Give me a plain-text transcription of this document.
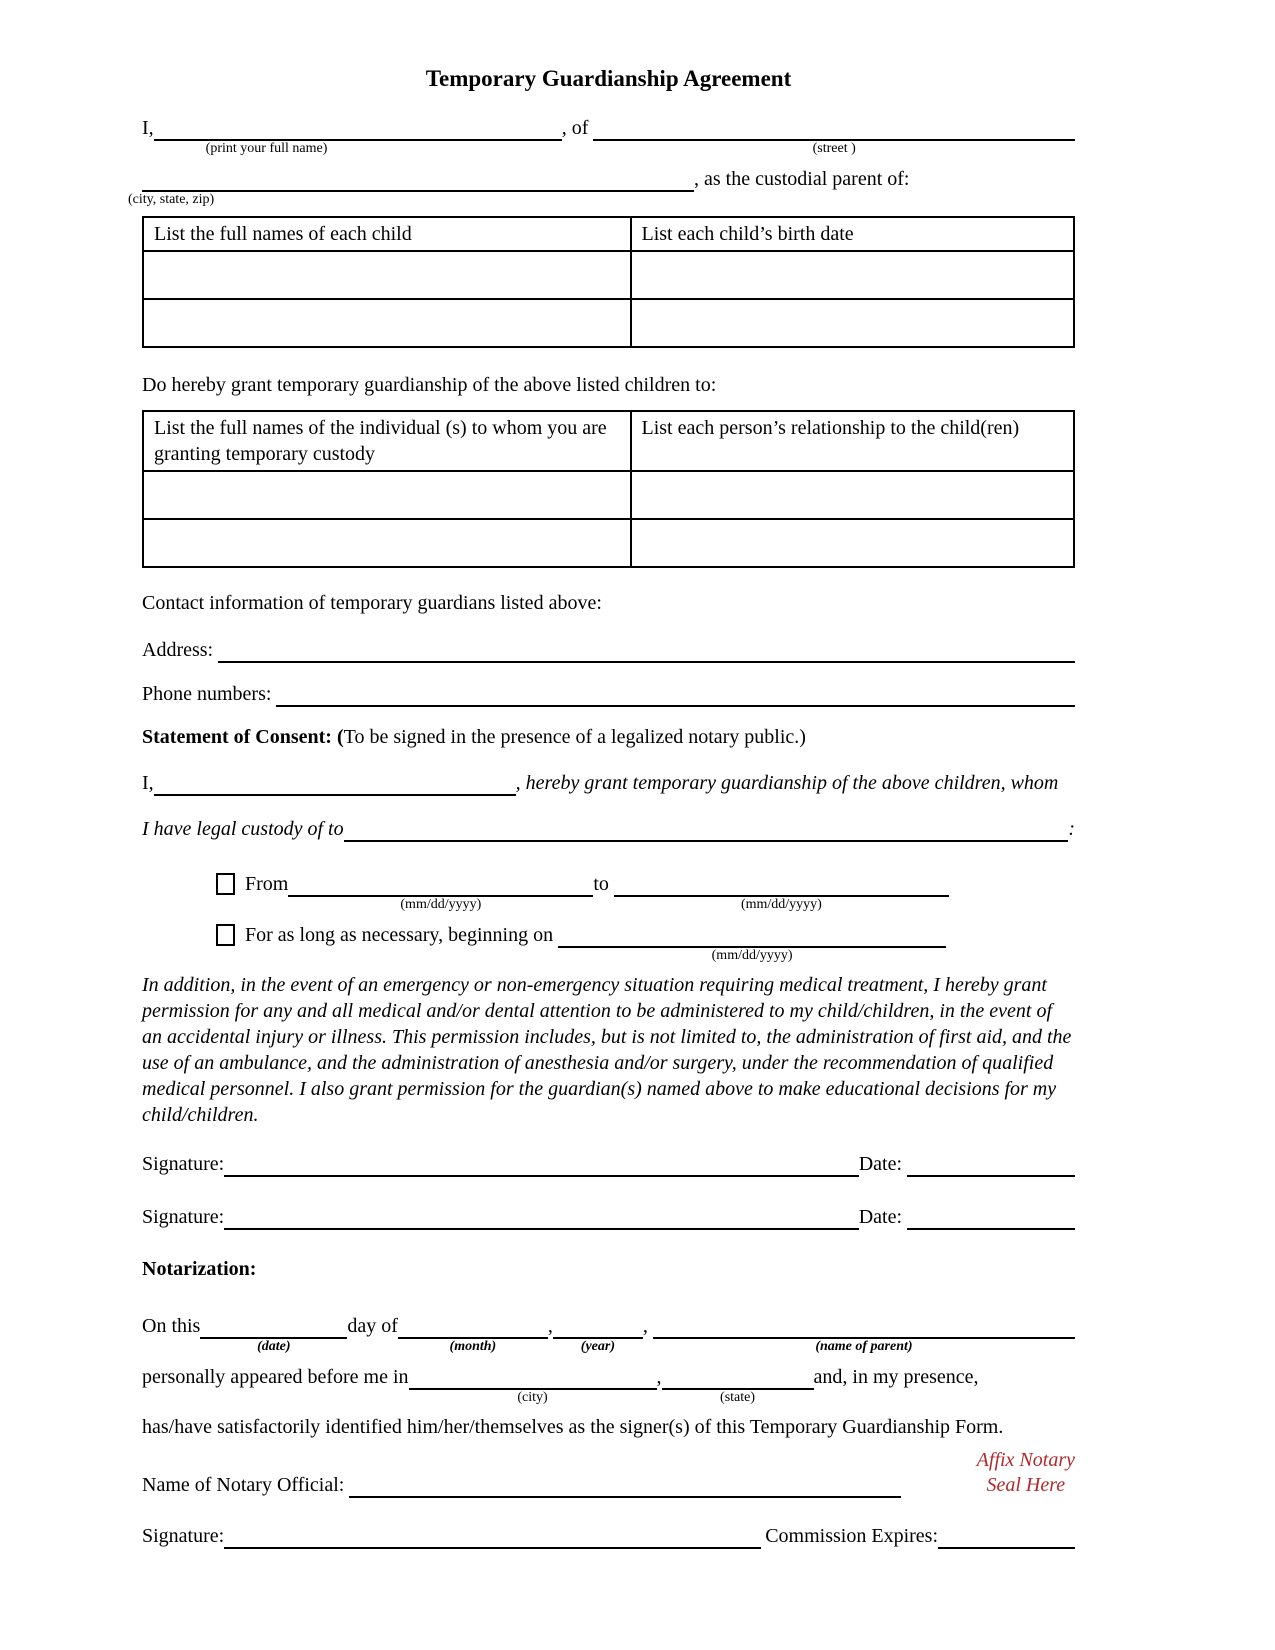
Temporary Guardianship Agreement
I,
(print your full name)
, of
(street )
(city, state, zip)
, as the custodial parent of:
List the full names of each child	List each child’s birth date

Do hereby grant temporary guardianship of the above listed children to:
List the full names of the individual (s) to whom you are granting temporary custody	List each person’s relationship to the child(ren)

Contact information of temporary guardians listed above:
Address:
Phone numbers:
Statement of Consent: (To be signed in the presence of a legalized notary public.)
I,	, hereby grant temporary guardianship of the above children, whom
I have legal custody of to	:
From
(mm/dd/yyyy)
to
(mm/dd/yyyy)
For as long as necessary, beginning on
(mm/dd/yyyy)
In addition, in the event of an emergency or non-emergency situation requiring medical treatment, I hereby grant permission for any and all medical and/or dental attention to be administered to my child/children, in the event of an accidental injury or illness. This permission includes, but is not limited to, the administration of first aid, and the use of an ambulance, and the administration of anesthesia and/or surgery, under the recommendation of qualified medical personnel. I also grant permission for the guardian(s) named above to make educational decisions for my child/children.
Signature:	Date:
Signature:	Date:
Notarization:
On this
(date)
day of
(month)
,
(year)
,
(name of parent)
personally appeared before me in
(city)
,
(state)
and, in my presence,
has/have satisfactorily identified him/her/themselves as the signer(s) of this Temporary Guardianship Form.
Name of Notary Official:
Affix Notary
Seal Here
Signature:	Commission Expires:
